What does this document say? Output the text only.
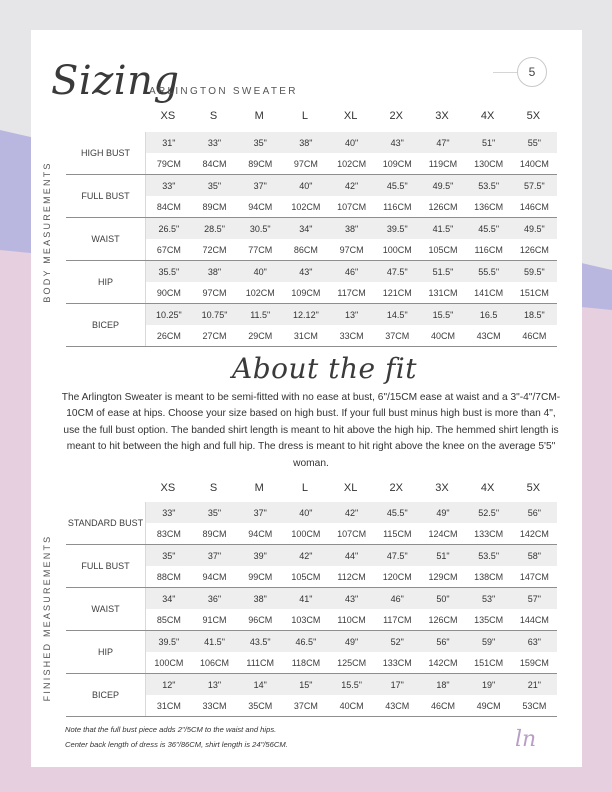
5
Sizing
ARLINGTON SWEATER
BODY MEASUREMENTS
XS	S	M	L	XL	2X	3X	4X	5X
HIGH BUST	31"	33"	35"	38"	40"	43"	47"	51"	55"
	79CM	84CM	89CM	97CM	102CM	109CM	119CM	130CM	140CM
FULL BUST	33"	35"	37"	40"	42"	45.5"	49.5"	53.5"	57.5"
	84CM	89CM	94CM	102CM	107CM	116CM	126CM	136CM	146CM
WAIST	26.5"	28.5"	30.5"	34"	38"	39.5"	41.5"	45.5"	49.5"
	67CM	72CM	77CM	86CM	97CM	100CM	105CM	116CM	126CM
HIP	35.5"	38"	40"	43"	46"	47.5"	51.5"	55.5"	59.5"
	90CM	97CM	102CM	109CM	117CM	121CM	131CM	141CM	151CM
BICEP	10.25"	10.75"	11.5"	12.12"	13"	14.5"	15.5"	16.5	18.5"
	26CM	27CM	29CM	31CM	33CM	37CM	40CM	43CM	46CM
About the fit
The Arlington Sweater is meant to be semi-fitted with no ease at bust, 6"/15CM ease at waist and a 3"-4"/7CM-10CM of ease at hips. Choose your size based on high bust. If your full bust minus high bust is more than 4", use the full bust option. The banded shirt length is meant to hit above the high hip. The hemmed shirt length is meant to hit between the high and full hip. The dress is meant to hit right above the knee on the average 5'5" woman.
FINISHED MEASUREMENTS
XS	S	M	L	XL	2X	3X	4X	5X
STANDARD BUST	33"	35"	37"	40"	42"	45.5"	49"	52.5"	56"
	83CM	89CM	94CM	100CM	107CM	115CM	124CM	133CM	142CM
FULL BUST	35"	37"	39"	42"	44"	47.5"	51"	53.5"	58"
	88CM	94CM	99CM	105CM	112CM	120CM	129CM	138CM	147CM
WAIST	34"	36"	38"	41"	43"	46"	50"	53"	57"
	85CM	91CM	96CM	103CM	110CM	117CM	126CM	135CM	144CM
HIP	39.5"	41.5"	43.5"	46.5"	49"	52"	56"	59"	63"
	100CM	106CM	111CM	118CM	125CM	133CM	142CM	151CM	159CM
BICEP	12"	13"	14"	15"	15.5"	17"	18"	19"	21"
	31CM	33CM	35CM	37CM	40CM	43CM	46CM	49CM	53CM
Note that the full bust piece adds 2"/5CM to the waist and hips.
Center back length of dress is 36"/86CM, shirt length is 24"/56CM.	ln
